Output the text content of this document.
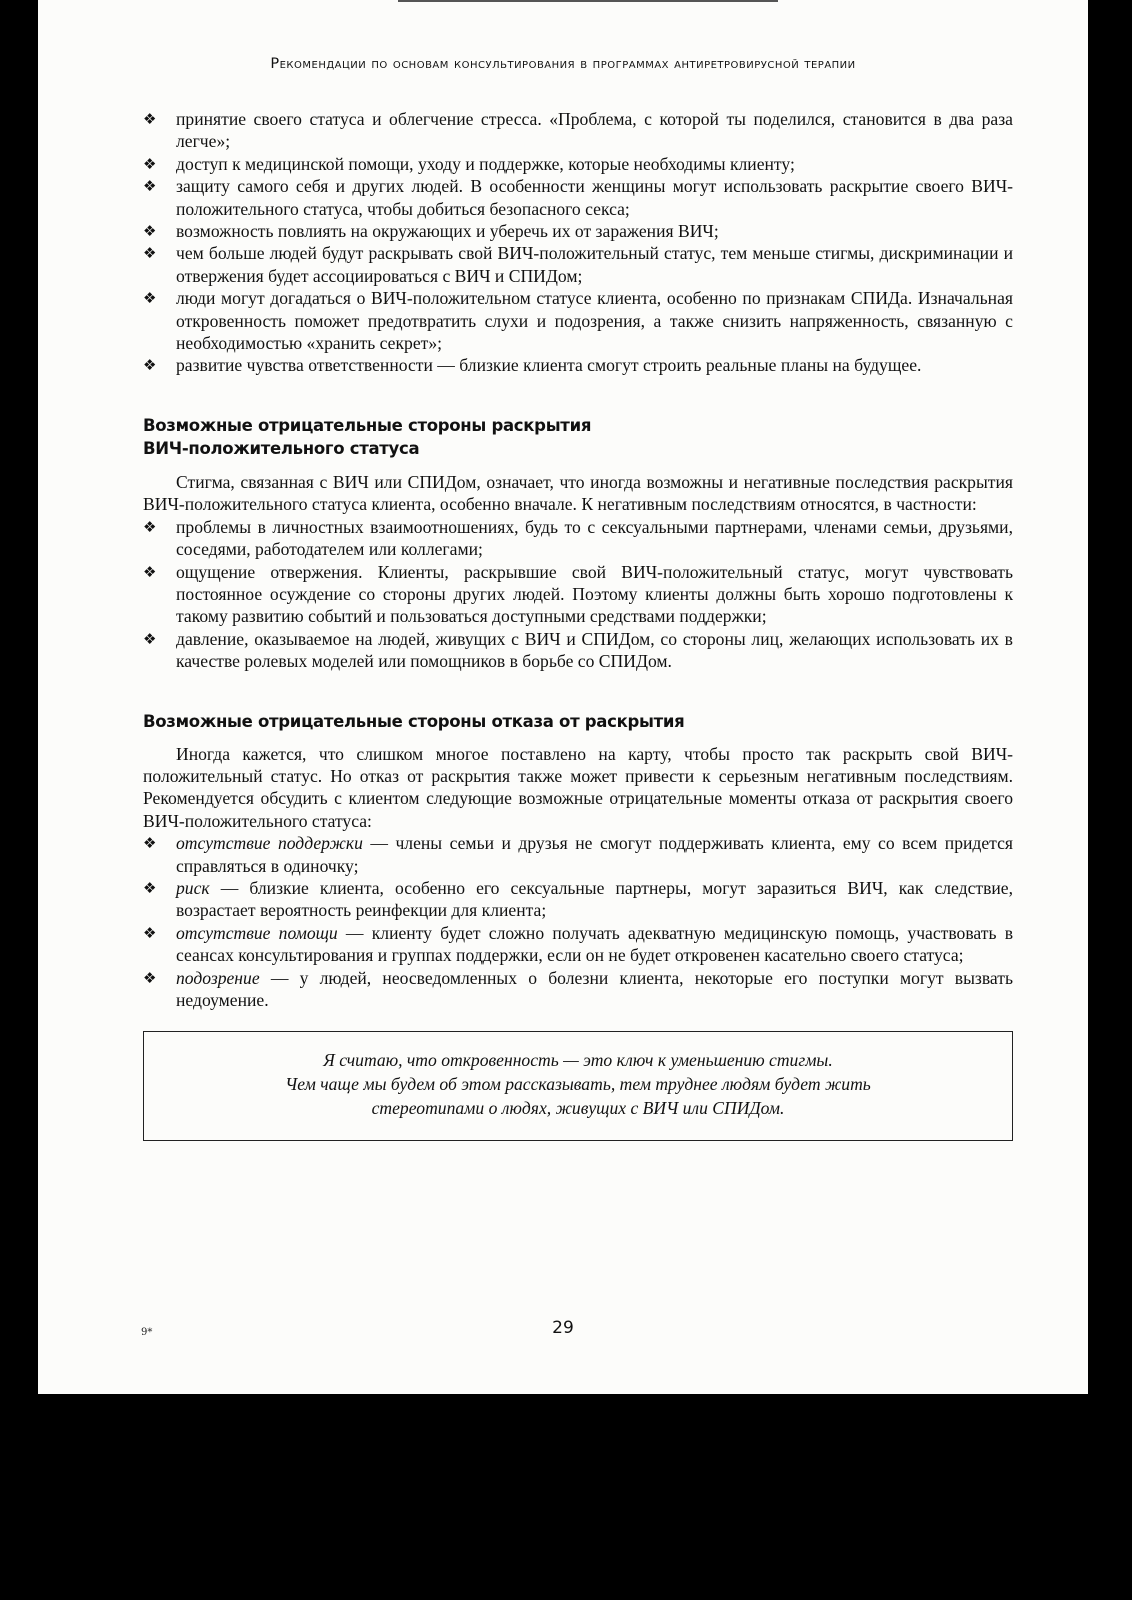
Рекомендации по основам консультирования в программах антиретровирусной терапии
❖ принятие своего статуса и облегчение стресса. «Проблема, с которой ты поделился, становится в два раза легче»;
❖ доступ к медицинской помощи, уходу и поддержке, которые необходимы клиенту;
❖ защиту самого себя и других людей. В особенности женщины могут использовать раскрытие своего ВИЧ-положительного статуса, чтобы добиться безопасного секса;
❖ возможность повлиять на окружающих и уберечь их от заражения ВИЧ;
❖ чем больше людей будут раскрывать свой ВИЧ-положительный статус, тем меньше стигмы, дискриминации и отвержения будет ассоциироваться с ВИЧ и СПИДом;
❖ люди могут догадаться о ВИЧ-положительном статусе клиента, особенно по признакам СПИДа. Изначальная откровенность поможет предотвратить слухи и подозрения, а также снизить напряженность, связанную с необходимостью «хранить секрет»;
❖ развитие чувства ответственности — близкие клиента смогут строить реальные планы на будущее.
Возможные отрицательные стороны раскрытия
ВИЧ-положительного статуса

Стигма, связанная с ВИЧ или СПИДом, означает, что иногда возможны и негативные последствия раскрытия ВИЧ-положительного статуса клиента, особенно вначале. К негативным последствиям относятся, в частности:

❖ проблемы в личностных взаимоотношениях, будь то с сексуальными партнерами, членами семьи, друзьями, соседями, работодателем или коллегами;
❖ ощущение отвержения. Клиенты, раскрывшие свой ВИЧ-положительный статус, могут чувствовать постоянное осуждение со стороны других людей. Поэтому клиенты должны быть хорошо подготовлены к такому развитию событий и пользоваться доступными средствами поддержки;
❖ давление, оказываемое на людей, живущих с ВИЧ и СПИДом, со стороны лиц, желающих использовать их в качестве ролевых моделей или помощников в борьбе со СПИДом.
Возможные отрицательные стороны отказа от раскрытия

Иногда кажется, что слишком многое поставлено на карту, чтобы просто так раскрыть свой ВИЧ-положительный статус. Но отказ от раскрытия также может привести к серьезным негативным последствиям. Рекомендуется обсудить с клиентом следующие возможные отрицательные моменты отказа от раскрытия своего ВИЧ-положительного статуса:

❖ отсутствие поддержки — члены семьи и друзья не смогут поддерживать клиента, ему со всем придется справляться в одиночку;
❖ риск — близкие клиента, особенно его сексуальные партнеры, могут заразиться ВИЧ, как следствие, возрастает вероятность реинфекции для клиента;
❖ отсутствие помощи — клиенту будет сложно получать адекватную медицинскую помощь, участвовать в сеансах консультирования и группах поддержки, если он не будет откровенен касательно своего статуса;
❖ подозрение — у людей, неосведомленных о болезни клиента, некоторые его поступки могут вызвать недоумение.
Я считаю, что откровенность — это ключ к уменьшению стигмы.
Чем чаще мы будем об этом рассказывать, тем труднее людям будет жить
стереотипами о людях, живущих с ВИЧ или СПИДом.
9*	29
